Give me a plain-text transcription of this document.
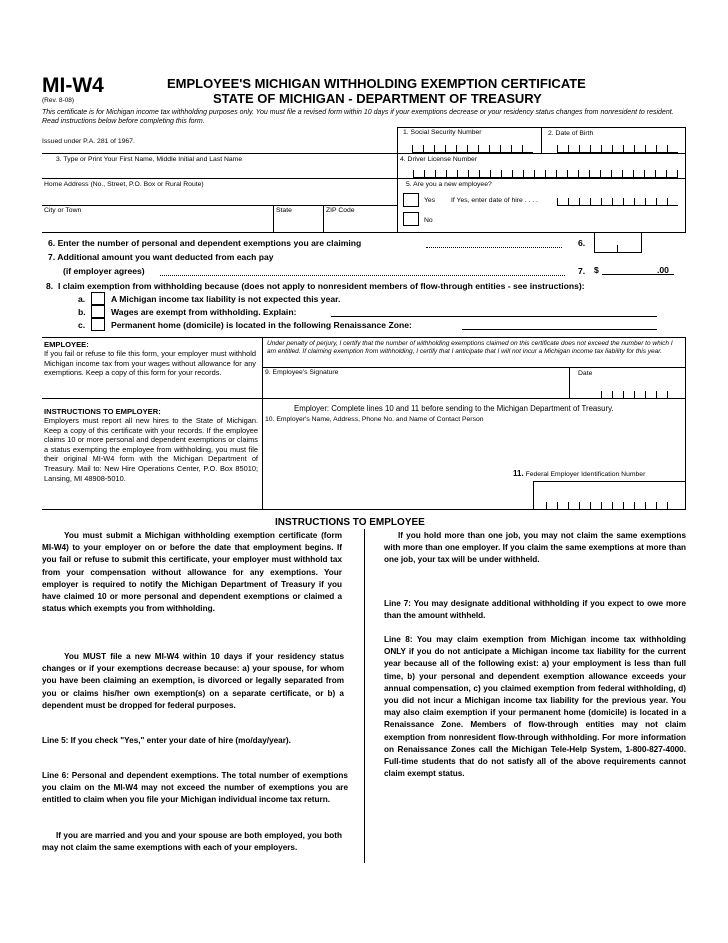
MI-W4
(Rev. 8-08)
EMPLOYEE'S MICHIGAN WITHHOLDING EXEMPTION CERTIFICATE
STATE OF MICHIGAN - DEPARTMENT OF TREASURY
This certificate is for Michigan income tax withholding purposes only. You must file a revised form within 10 days if your exemptions decrease or your residency status changes from nonresident to resident. Read instructions below before completing this form.
Issued under P.A. 281 of 1967.
1. Social Security Number	2. Date of Birth
3. Type or Print Your First Name, Middle Initial and Last Name	4. Driver License Number
Home Address (No., Street, P.O. Box or Rural Route)	5. Are you a new employee?
Yes If Yes, enter date of hire . . . .
No
City or Town	State	ZIP Code
6. Enter the number of personal and dependent exemptions you are claiming	6.
7. Additional amount you want deducted from each pay
(if employer agrees)	7. $	.00
8. I claim exemption from withholding because (does not apply to nonresident members of flow-through entities - see instructions):
a.	A Michigan income tax liability is not expected this year.
b.	Wages are exempt from withholding. Explain:
c.	Permanent home (domicile) is located in the following Renaissance Zone:
EMPLOYEE:
If you fail or refuse to file this form, your employer must withhold Michigan income tax from your wages without allowance for any exemptions. Keep a copy of this form for your records.
Under penalty of perjury, I certify that the number of withholding exemptions claimed on this certificate does not exceed the number to which I am entitled. If claiming exemption from withholding, I certify that I anticipate that I will not incur a Michigan income tax liability for this year.
9. Employee's Signature	Date
INSTRUCTIONS TO EMPLOYER:
Employers must report all new hires to the State of Michigan. Keep a copy of this certificate with your records. If the employee claims 10 or more personal and dependent exemptions or claims a status exempting the employee from withholding, you must file their original MI-W4 form with the Michigan Department of Treasury. Mail to: New Hire Operations Center, P.O. Box 85010; Lansing, MI 48908-5010.
Employer: Complete lines 10 and 11 before sending to the Michigan Department of Treasury.
10. Employer's Name, Address, Phone No. and Name of Contact Person
11. Federal Employer Identification Number
INSTRUCTIONS TO EMPLOYEE
You must submit a Michigan withholding exemption certificate (form MI-W4) to your employer on or before the date that employment begins. If you fail or refuse to submit this certificate, your employer must withhold tax from your compensation without allowance for any exemptions. Your employer is required to notify the Michigan Department of Treasury if you have claimed 10 or more personal and dependent exemptions or claimed a status which exempts you from withholding.
You MUST file a new MI-W4 within 10 days if your residency status changes or if your exemptions decrease because: a) your spouse, for whom you have been claiming an exemption, is divorced or legally separated from you or claims his/her own exemption(s) on a separate certificate, or b) a dependent must be dropped for federal purposes.
Line 5: If you check "Yes," enter your date of hire (mo/day/year).
Line 6: Personal and dependent exemptions. The total number of exemptions you claim on the MI-W4 may not exceed the number of exemptions you are entitled to claim when you file your Michigan individual income tax return.
If you are married and you and your spouse are both employed, you both may not claim the same exemptions with each of your employers.
If you hold more than one job, you may not claim the same exemptions with more than one employer. If you claim the same exemptions at more than one job, your tax will be under withheld.
Line 7: You may designate additional withholding if you expect to owe more than the amount withheld.
Line 8: You may claim exemption from Michigan income tax withholding ONLY if you do not anticipate a Michigan income tax liability for the current year because all of the following exist: a) your employment is less than full time, b) your personal and dependent exemption allowance exceeds your annual compensation, c) you claimed exemption from federal withholding, d) you did not incur a Michigan income tax liability for the previous year. You may also claim exemption if your permanent home (domicile) is located in a Renaissance Zone. Members of flow-through entities may not claim exemption from nonresident flow-through withholding. For more information on Renaissance Zones call the Michigan Tele-Help System, 1-800-827-4000. Full-time students that do not satisfy all of the above requirements cannot claim exempt status.
